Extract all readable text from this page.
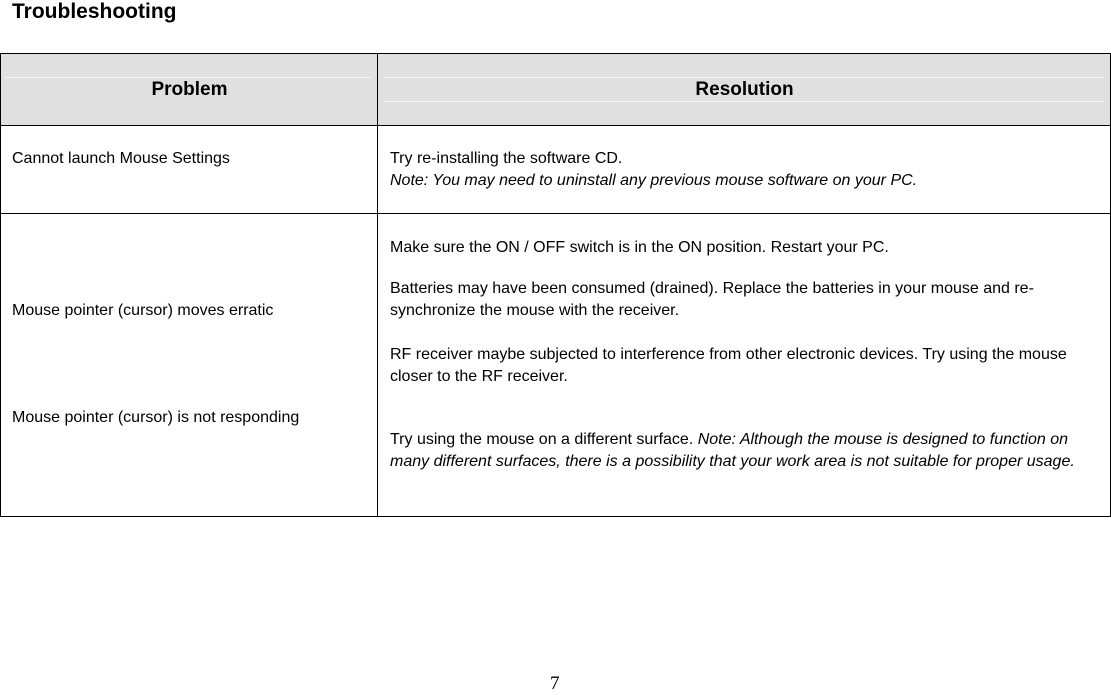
Troubleshooting
Problem	Resolution
Cannot launch Mouse Settings	Try re-installing the software CD.
Note: You may need to uninstall any previous mouse software on your PC.
Mouse pointer (cursor) moves erratic
Mouse pointer (cursor) is not responding
Make sure the ON / OFF switch is in the ON position. Restart your PC.
Batteries may have been consumed (drained). Replace the batteries in your mouse and re-synchronize the mouse with the receiver.
RF receiver maybe subjected to interference from other electronic devices. Try using the mouse closer to the RF receiver.
Try using the mouse on a different surface. Note: Although the mouse is designed to function on many different surfaces, there is a possibility that your work area is not suitable for proper usage.
7
